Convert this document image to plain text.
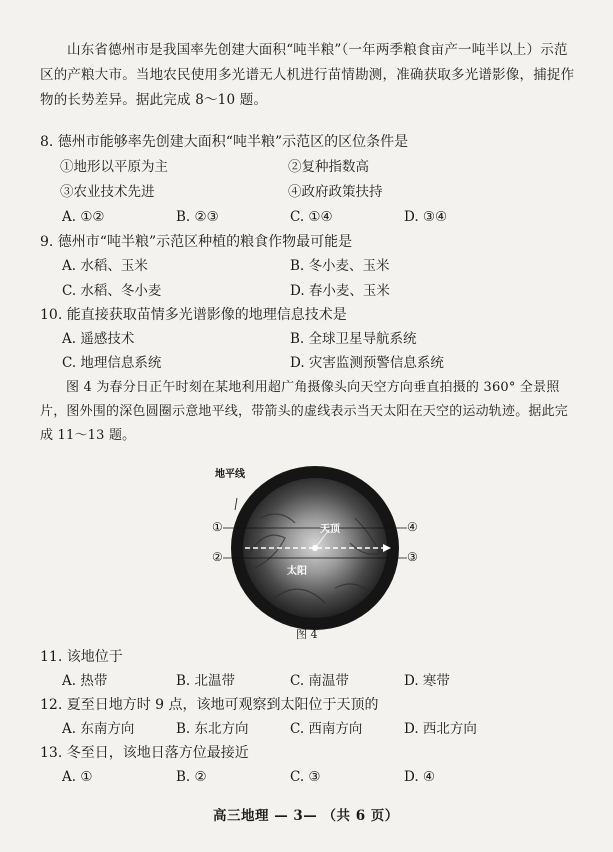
山东省德州市是我国率先创建大面积“吨半粮”（一年两季粮食亩产一吨半以上）示范区的产粮大市。当地农民使用多光谱无人机进行苗情勘测，准确获取多光谱影像，捕捉作物的长势差异。据此完成 8～10 题。
8. 德州市能够率先创建大面积“吨半粮”示范区的区位条件是
①地形以平原为主	②复种指数高
③农业技术先进	④政府政策扶持
A. ①②	B. ②③	C. ①④	D. ③④
9. 德州市“吨半粮”示范区种植的粮食作物最可能是
A. 水稻、玉米	B. 冬小麦、玉米
C. 水稻、冬小麦	D. 春小麦、玉米
10. 能直接获取苗情多光谱影像的地理信息技术是
A. 遥感技术	B. 全球卫星导航系统
C. 地理信息系统	D. 灾害监测预警信息系统
图 4 为春分日正午时刻在某地利用超广角摄像头向天空方向垂直拍摄的 360° 全景照片，图外围的深色圆圈示意地平线，带箭头的虚线表示当天太阳在天空的运动轨迹。据此完成 11～13 题。
地平线
天顶
太阳
①
②	③
④
图 4
11. 该地位于
A. 热带	B. 北温带	C. 南温带	D. 寒带
12. 夏至日地方时 9 点，该地可观察到太阳位于天顶的
A. 东南方向	B. 东北方向	C. 西南方向	D. 西北方向
13. 冬至日，该地日落方位最接近
A. ①	B. ②	C. ③	D. ④
高三地理 — 3— （共 6 页）
